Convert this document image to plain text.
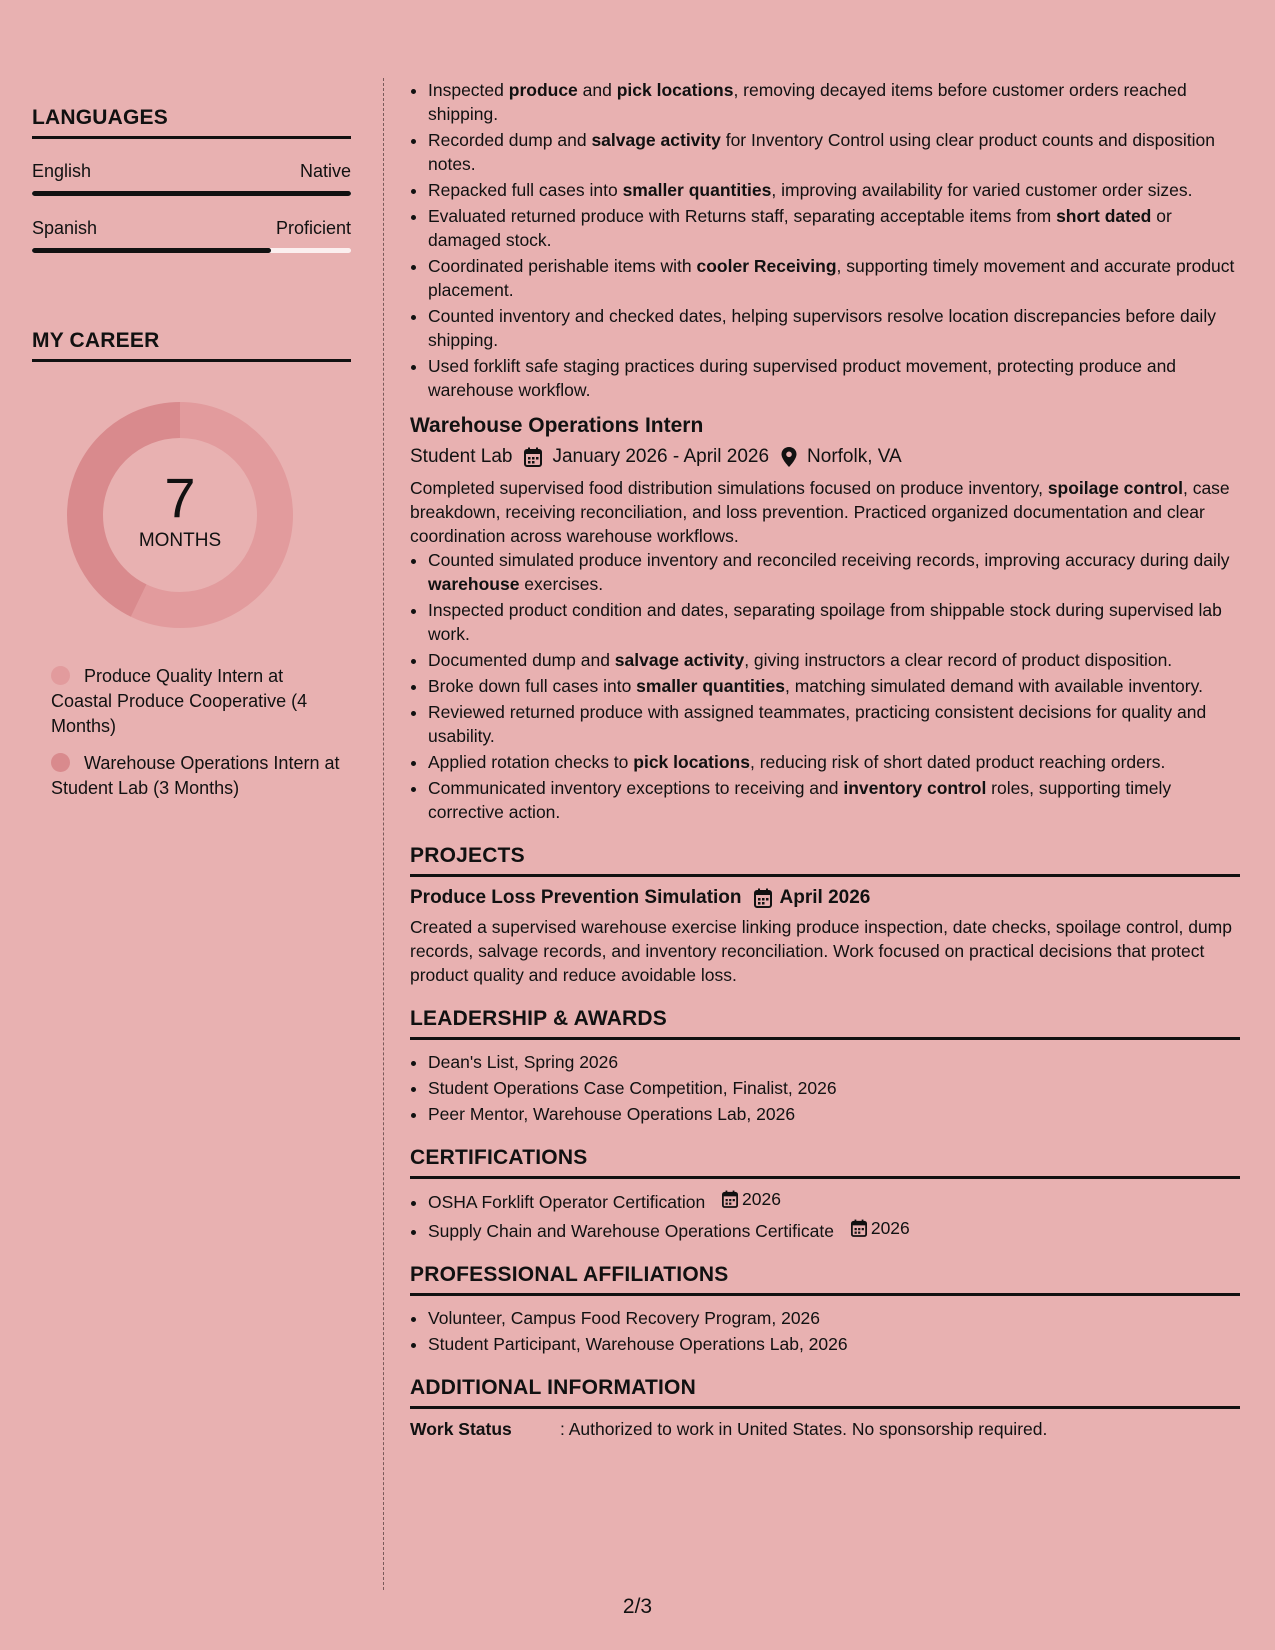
LANGUAGES
English	Native
Spanish	Proficient
MY CAREER
7
MONTHS
Produce Quality Intern at Coastal Produce Cooperative (4 Months)
Warehouse Operations Intern at Student Lab (3 Months)
• Inspected produce and pick locations, removing decayed items before customer orders reached shipping.
• Recorded dump and salvage activity for Inventory Control using clear product counts and disposition notes.
• Repacked full cases into smaller quantities, improving availability for varied customer order sizes.
• Evaluated returned produce with Returns staff, separating acceptable items from short dated or damaged stock.
• Coordinated perishable items with cooler Receiving, supporting timely movement and accurate product placement.
• Counted inventory and checked dates, helping supervisors resolve location discrepancies before daily shipping.
• Used forklift safe staging practices during supervised product movement, protecting produce and warehouse workflow.
Warehouse Operations Intern
Student Lab January 2026 - April 2026 Norfolk, VA
Completed supervised food distribution simulations focused on produce inventory, spoilage control, case breakdown, receiving reconciliation, and loss prevention. Practiced organized documentation and clear coordination across warehouse workflows.
• Counted simulated produce inventory and reconciled receiving records, improving accuracy during daily warehouse exercises.
• Inspected product condition and dates, separating spoilage from shippable stock during supervised lab work.
• Documented dump and salvage activity, giving instructors a clear record of product disposition.
• Broke down full cases into smaller quantities, matching simulated demand with available inventory.
• Reviewed returned produce with assigned teammates, practicing consistent decisions for quality and usability.
• Applied rotation checks to pick locations, reducing risk of short dated product reaching orders.
• Communicated inventory exceptions to receiving and inventory control roles, supporting timely corrective action.
PROJECTS
Produce Loss Prevention Simulation April 2026
Created a supervised warehouse exercise linking produce inspection, date checks, spoilage control, dump records, salvage records, and inventory reconciliation. Work focused on practical decisions that protect product quality and reduce avoidable loss.
LEADERSHIP & AWARDS
• Dean's List, Spring 2026
• Student Operations Case Competition, Finalist, 2026
• Peer Mentor, Warehouse Operations Lab, 2026
CERTIFICATIONS
• OSHA Forklift Operator Certification 2026
• Supply Chain and Warehouse Operations Certificate 2026
PROFESSIONAL AFFILIATIONS
• Volunteer, Campus Food Recovery Program, 2026
• Student Participant, Warehouse Operations Lab, 2026
ADDITIONAL INFORMATION
Work Status	: Authorized to work in United States. No sponsorship required.
2/3
